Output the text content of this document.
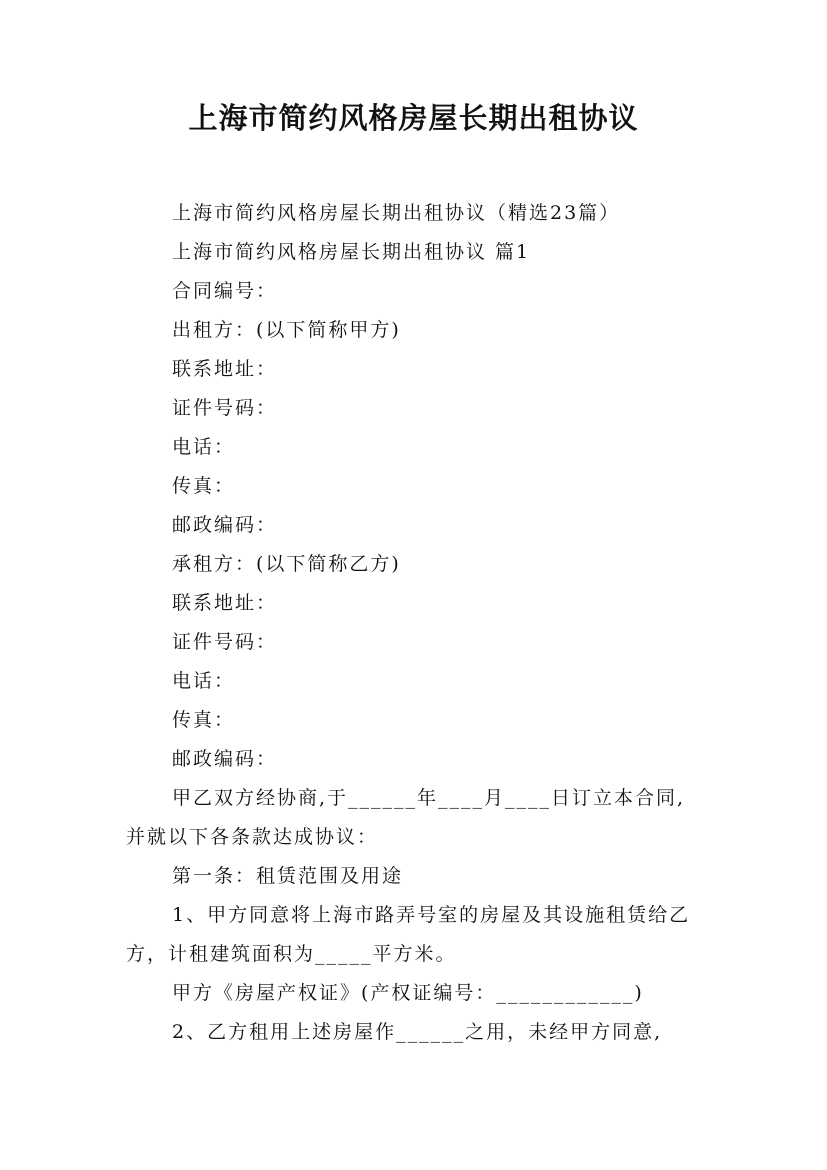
上海市简约风格房屋长期出租协议
上海市简约风格房屋长期出租协议（精选23篇）
上海市简约风格房屋长期出租协议 篇1
合同编号：
出租方：(以下简称甲方)
联系地址：
证件号码：
电话：
传真：
邮政编码：
承租方：(以下简称乙方)
联系地址：
证件号码：
电话：
传真：
邮政编码：
甲乙双方经协商,于______年____月____日订立本合同,并就以下各条款达成协议：
第一条：租赁范围及用途
1、甲方同意将上海市路弄号室的房屋及其设施租赁给乙方，计租建筑面积为_____平方米。
甲方《房屋产权证》(产权证编号：____________)
2、乙方租用上述房屋作______之用，未经甲方同意,
